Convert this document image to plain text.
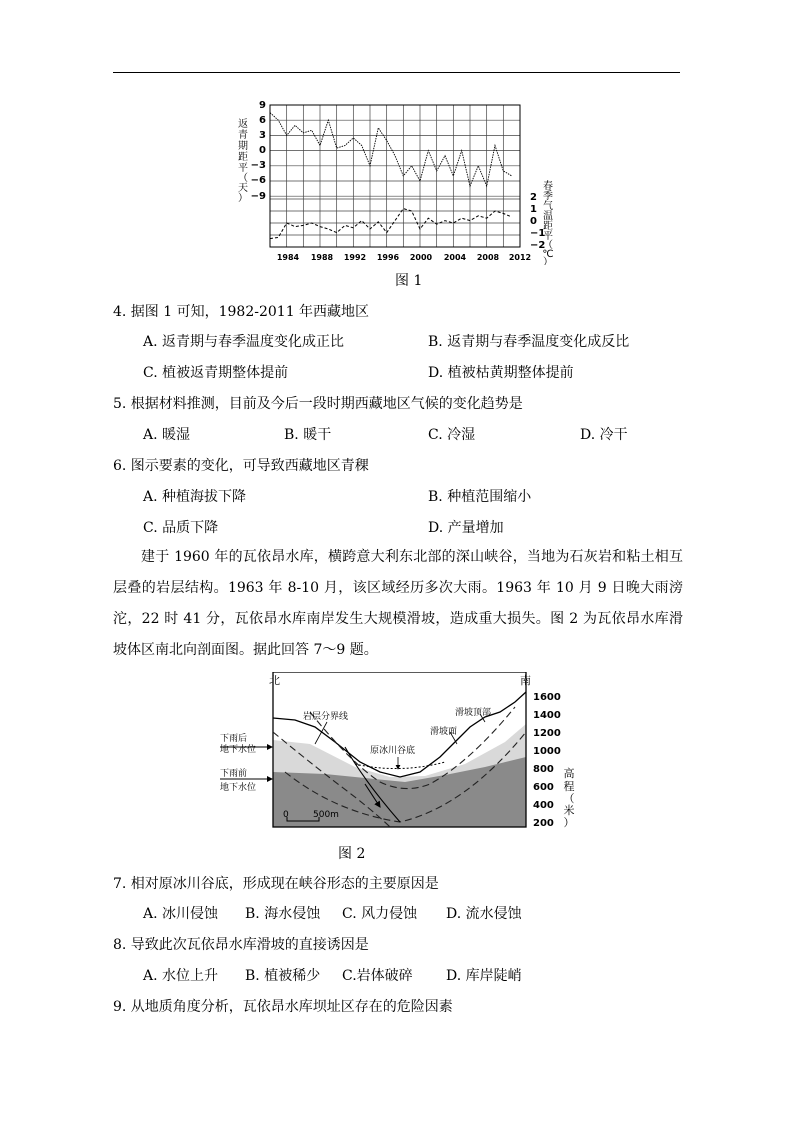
9
6
3
0
−3
−6
−9	2
1
0
−1
−2
1984 1988 1992 1996 2000 2004 2008 2012
返
青
期
距
平
（
天
）
春
季
气
温
距
平
（
℃
）
图 1
4. 据图 1 可知，1982-2011 年西藏地区
A. 返青期与春季温度变化成正比	B. 返青期与春季温度变化成反比
C. 植被返青期整体提前	D. 植被枯黄期整体提前
5. 根据材料推测，目前及今后一段时期西藏地区气候的变化趋势是
A. 暖湿	B. 暖干	C. 冷湿	D. 冷干
6. 图示要素的变化，可导致西藏地区青稞
A. 种植海拔下降	B. 种植范围缩小
C. 品质下降	D. 产量增加
建于 1960 年的瓦依昂水库，横跨意大利东北部的深山峡谷，当地为石灰岩和粘土相互层叠的岩层结构。1963 年 8-10 月，该区域经历多次大雨。1963 年 10 月 9 日晚大雨滂沱，22 时 41 分，瓦依昂水库南岸发生大规模滑坡，造成重大损失。图 2 为瓦依昂水库滑坡体区南北向剖面图。据此回答 7～9 题。
0	500m
北	南
岩层分界线	滑坡顶部
滑坡面
原冰川谷底
下雨后
地下水位
下雨前
地下水位
1600
1400
1200
1000
800
600
400
200
高
程
（
米
）
图 2
7. 相对原冰川谷底，形成现在峡谷形态的主要原因是
A. 冰川侵蚀 B. 海水侵蚀 C. 风力侵蚀 D. 流水侵蚀
8. 导致此次瓦依昂水库滑坡的直接诱因是
A. 水位上升 B. 植被稀少 C.岩体破碎 D. 库岸陡峭
9. 从地质角度分析，瓦依昂水库坝址区存在的危险因素
